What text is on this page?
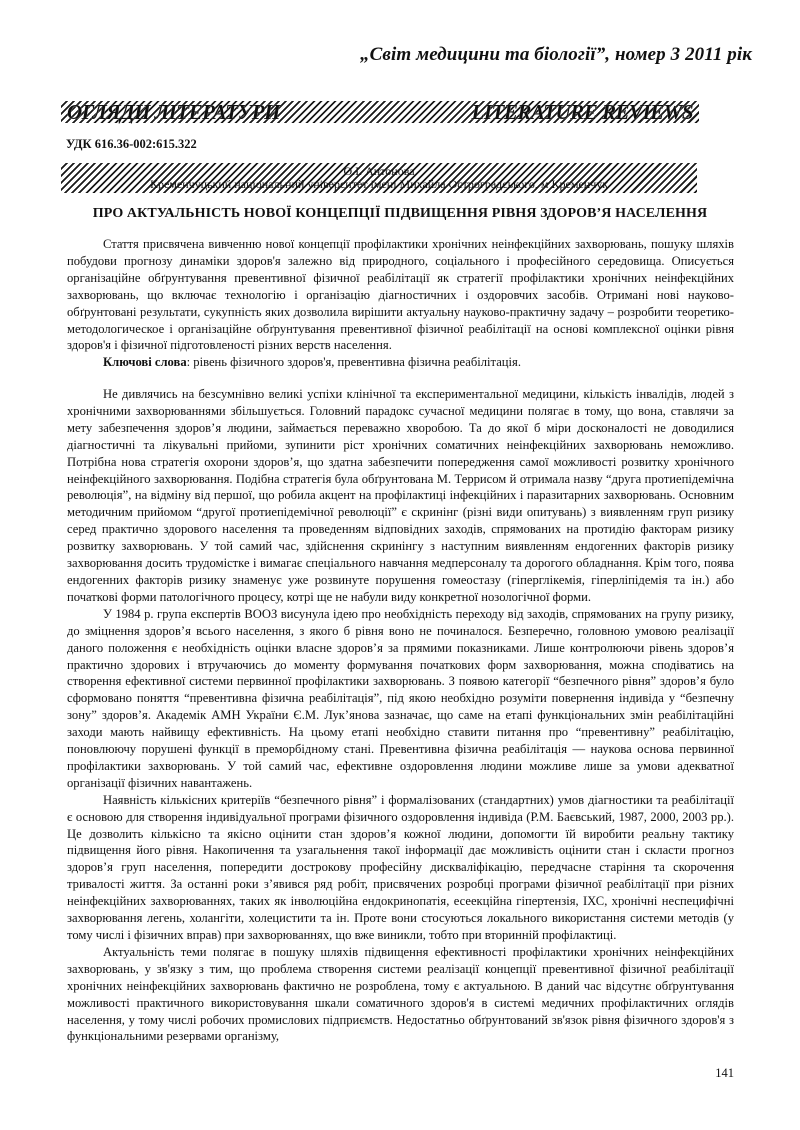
„Світ медицини та біології”, номер 3 2011 рік
ОГЛЯДИ ЛІТЕРАТУРИ	LITERATURE REVIEWS
УДК 616.36-002:615.322
О.І. Антонова
Кременчуцький національний університет імені Михайла Остроградського, м Кременчук
ПРО АКТУАЛЬНІСТЬ НОВОЇ КОНЦЕПЦІЇ ПІДВИЩЕННЯ РІВНЯ ЗДОРОВ’Я НАСЕЛЕННЯ

Стаття присвячена вивченню нової концепції профілактики хронічних неінфекційних захворювань, пошуку шляхів побудови прогнозу динаміки здоров'я залежно від природного, соціального і професійного середовища. Описується організаційне обґрунтування превентивної фізичної реабілітації як стратегії профілактики хронічних неінфекційних захворювань, що включає технологію і організацію діагностичних і оздоровчих засобів. Отримані нові науково-обґрунтовані результати, сукупність яких дозволила вирішити актуальну науково-практичну задачу – розробити теоретико-методологическое і організаційне обґрунтування превентивної фізичної реабілітації на основі комплексної оцінки рівня здоров'я і фізичної підготовленості різних верств населення.

Ключові слова: рівень фізичного здоров'я, превентивна фізична реабілітація.

Не дивлячись на безсумнівно великі успіхи клінічної та експериментальної медицини, кількість інвалідів, людей з хронічними захворюваннями збільшується. Головний парадокс сучасної медицини полягає в тому, що вона, ставлячи за мету забезпечення здоров’я людини, займається переважно хворобою. Та до якої б міри досконалості не доводилися діагностичні та лікувальні прийоми, зупинити ріст хронічних соматичних неінфекційних захворювань неможливо. Потрібна нова стратегія охорони здоров’я, що здатна забезпечити попередження самої можливості розвитку хронічного неінфекційного захворювання. Подібна стратегія була обґрунтована М. Террисом й отримала назву “друга протиепідемічна революція”, на відміну від першої, що робила акцент на профілактиці інфекційних і паразитарних захворювань. Основним методичним прийомом “другої протиепідемічної революції” є скринінг (різні види опитувань) з виявленням груп ризику серед практично здорового населення та проведенням відповідних заходів, спрямованих на протидію факторам ризику розвитку захворювань. У той самий час, здійснення скринінгу з наступним виявленням ендогенних факторів ризику захворювання досить трудомістке і вимагає спеціального навчання медперсоналу та дорогого обладнання. Крім того, поява ендогенних факторів ризику знаменує уже розвинуте порушення гомеостазу (гіперглікемія, гіперліпідемія та ін.) або початкові форми патологічного процесу, котрі ще не набули виду конкретної нозологічної форми.

У 1984 р. група експертів ВООЗ висунула ідею про необхідність переходу від заходів, спрямованих на групу ризику, до зміцнення здоров’я всього населення, з якого б рівня воно не починалося. Безперечно, головною умовою реалізації даного положення є необхідність оцінки власне здоров’я за прямими показниками. Лише контролюючи рівень здоров’я практично здорових і втручаючись до моменту формування початкових форм захворювання, можна сподіватись на створення ефективної системи первинної профілактики захворювань. З появою категорії “безпечного рівня” здоров’я було сформовано поняття “превентивна фізична реабілітація”, під якою необхідно розуміти повернення індивіда у “безпечну зону” здоров’я. Академік АМН України Є.М. Лук’янова зазначає, що саме на етапі функціональних змін реабілітаційні заходи мають найвищу ефективність. На цьому етапі необхідно ставити питання про “превентивну” реабілітацію, поновлюючу порушені функції в преморбідному стані. Превентивна фізична реабілітація — наукова основа первинної профілактики захворювань. У той самий час, ефективне оздоровлення людини можливе лише за умови адекватної організації фізичних навантажень.

Наявність кількісних критеріїв “безпечного рівня” і формалізованих (стандартних) умов діагностики та реабілітації є основою для створення індивідуальної програми фізичного оздоровлення індивіда (Р.М. Баєвський, 1987, 2000, 2003 рр.). Це дозволить кількісно та якісно оцінити стан здоров’я кожної людини, допомогти їй виробити реальну тактику підвищення його рівня. Накопичення та узагальнення такої інформації дає можливість оцінити стан і скласти прогноз здоров’я груп населення, попередити дострокову професійну дискваліфікацію, передчасне старіння та скорочення тривалості життя. За останні роки з’явився ряд робіт, присвячених розробці програми фізичної реабілітації при різних неінфекційних захворюваннях, таких як інволюційна ендокринопатія, есеекційна гіпертензія, ІХС, хронічні неспецифічні захворювання легень, холангіти, холецистити та ін. Проте вони стосуються локального використання системи методів (у тому числі і фізичних вправ) при захворюваннях, що вже виникли, тобто при вторинній профілактиці.

Актуальність теми полягає в пошуку шляхів підвищення ефективності профілактики хронічних неінфекційних захворювань, у зв'язку з тим, що проблема створення системи реалізації концепції превентивної фізичної реабілітації хронічних неінфекційних захворювань фактично не розроблена, тому є актуальною. В даний час відсутнє обґрунтування можливості практичного використовування шкали соматичного здоров'я в системі медичних профілактичних оглядів населення, у тому числі робочих промислових підприємств. Недостатньо обґрунтований зв'язок рівня фізичного здоров'я з функціональними резервами організму,

141
